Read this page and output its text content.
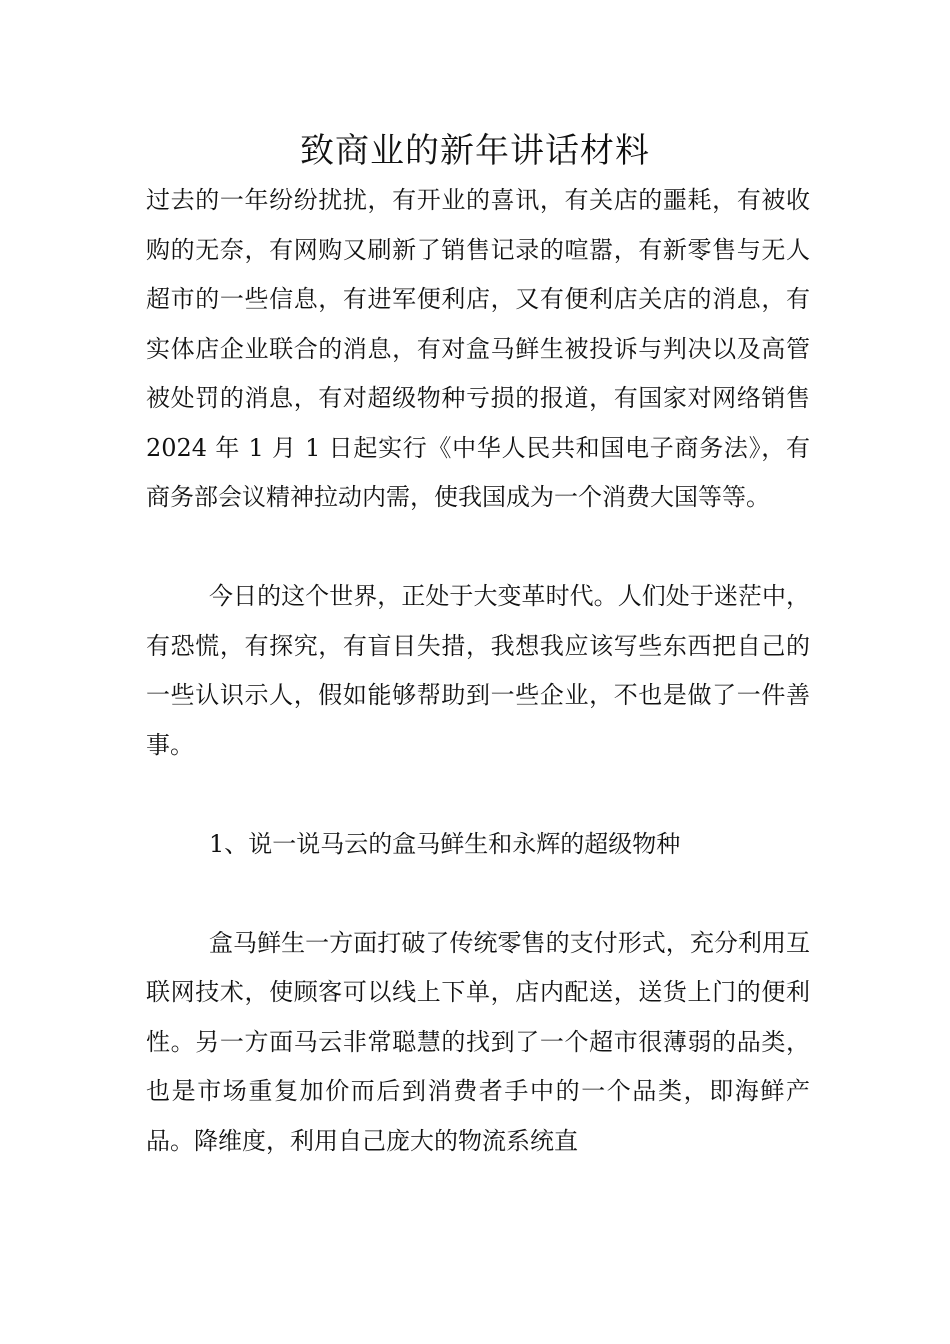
致商业的新年讲话材料

过去的一年纷纷扰扰，有开业的喜讯，有关店的噩耗，有被收购的无奈，有网购又刷新了销售记录的喧嚣，有新零售与无人超市的一些信息，有进军便利店，又有便利店关店的消息，有实体店企业联合的消息，有对盒马鲜生被投诉与判决以及高管被处罚的消息，有对超级物种亏损的报道，有国家对网络销售 2024 年 1 月 1 日起实行《中华人民共和国电子商务法》，有商务部会议精神拉动内需，使我国成为一个消费大国等等。

今日的这个世界，正处于大变革时代。人们处于迷茫中，有恐慌，有探究，有盲目失措，我想我应该写些东西把自己的一些认识示人，假如能够帮助到一些企业，不也是做了一件善事。

1、说一说马云的盒马鲜生和永辉的超级物种

盒马鲜生一方面打破了传统零售的支付形式，充分利用互联网技术，使顾客可以线上下单，店内配送，送货上门的便利性。另一方面马云非常聪慧的找到了一个超市很薄弱的品类，也是市场重复加价而后到消费者手中的一个品类，即海鲜产品。降维度，利用自己庞大的物流系统直
